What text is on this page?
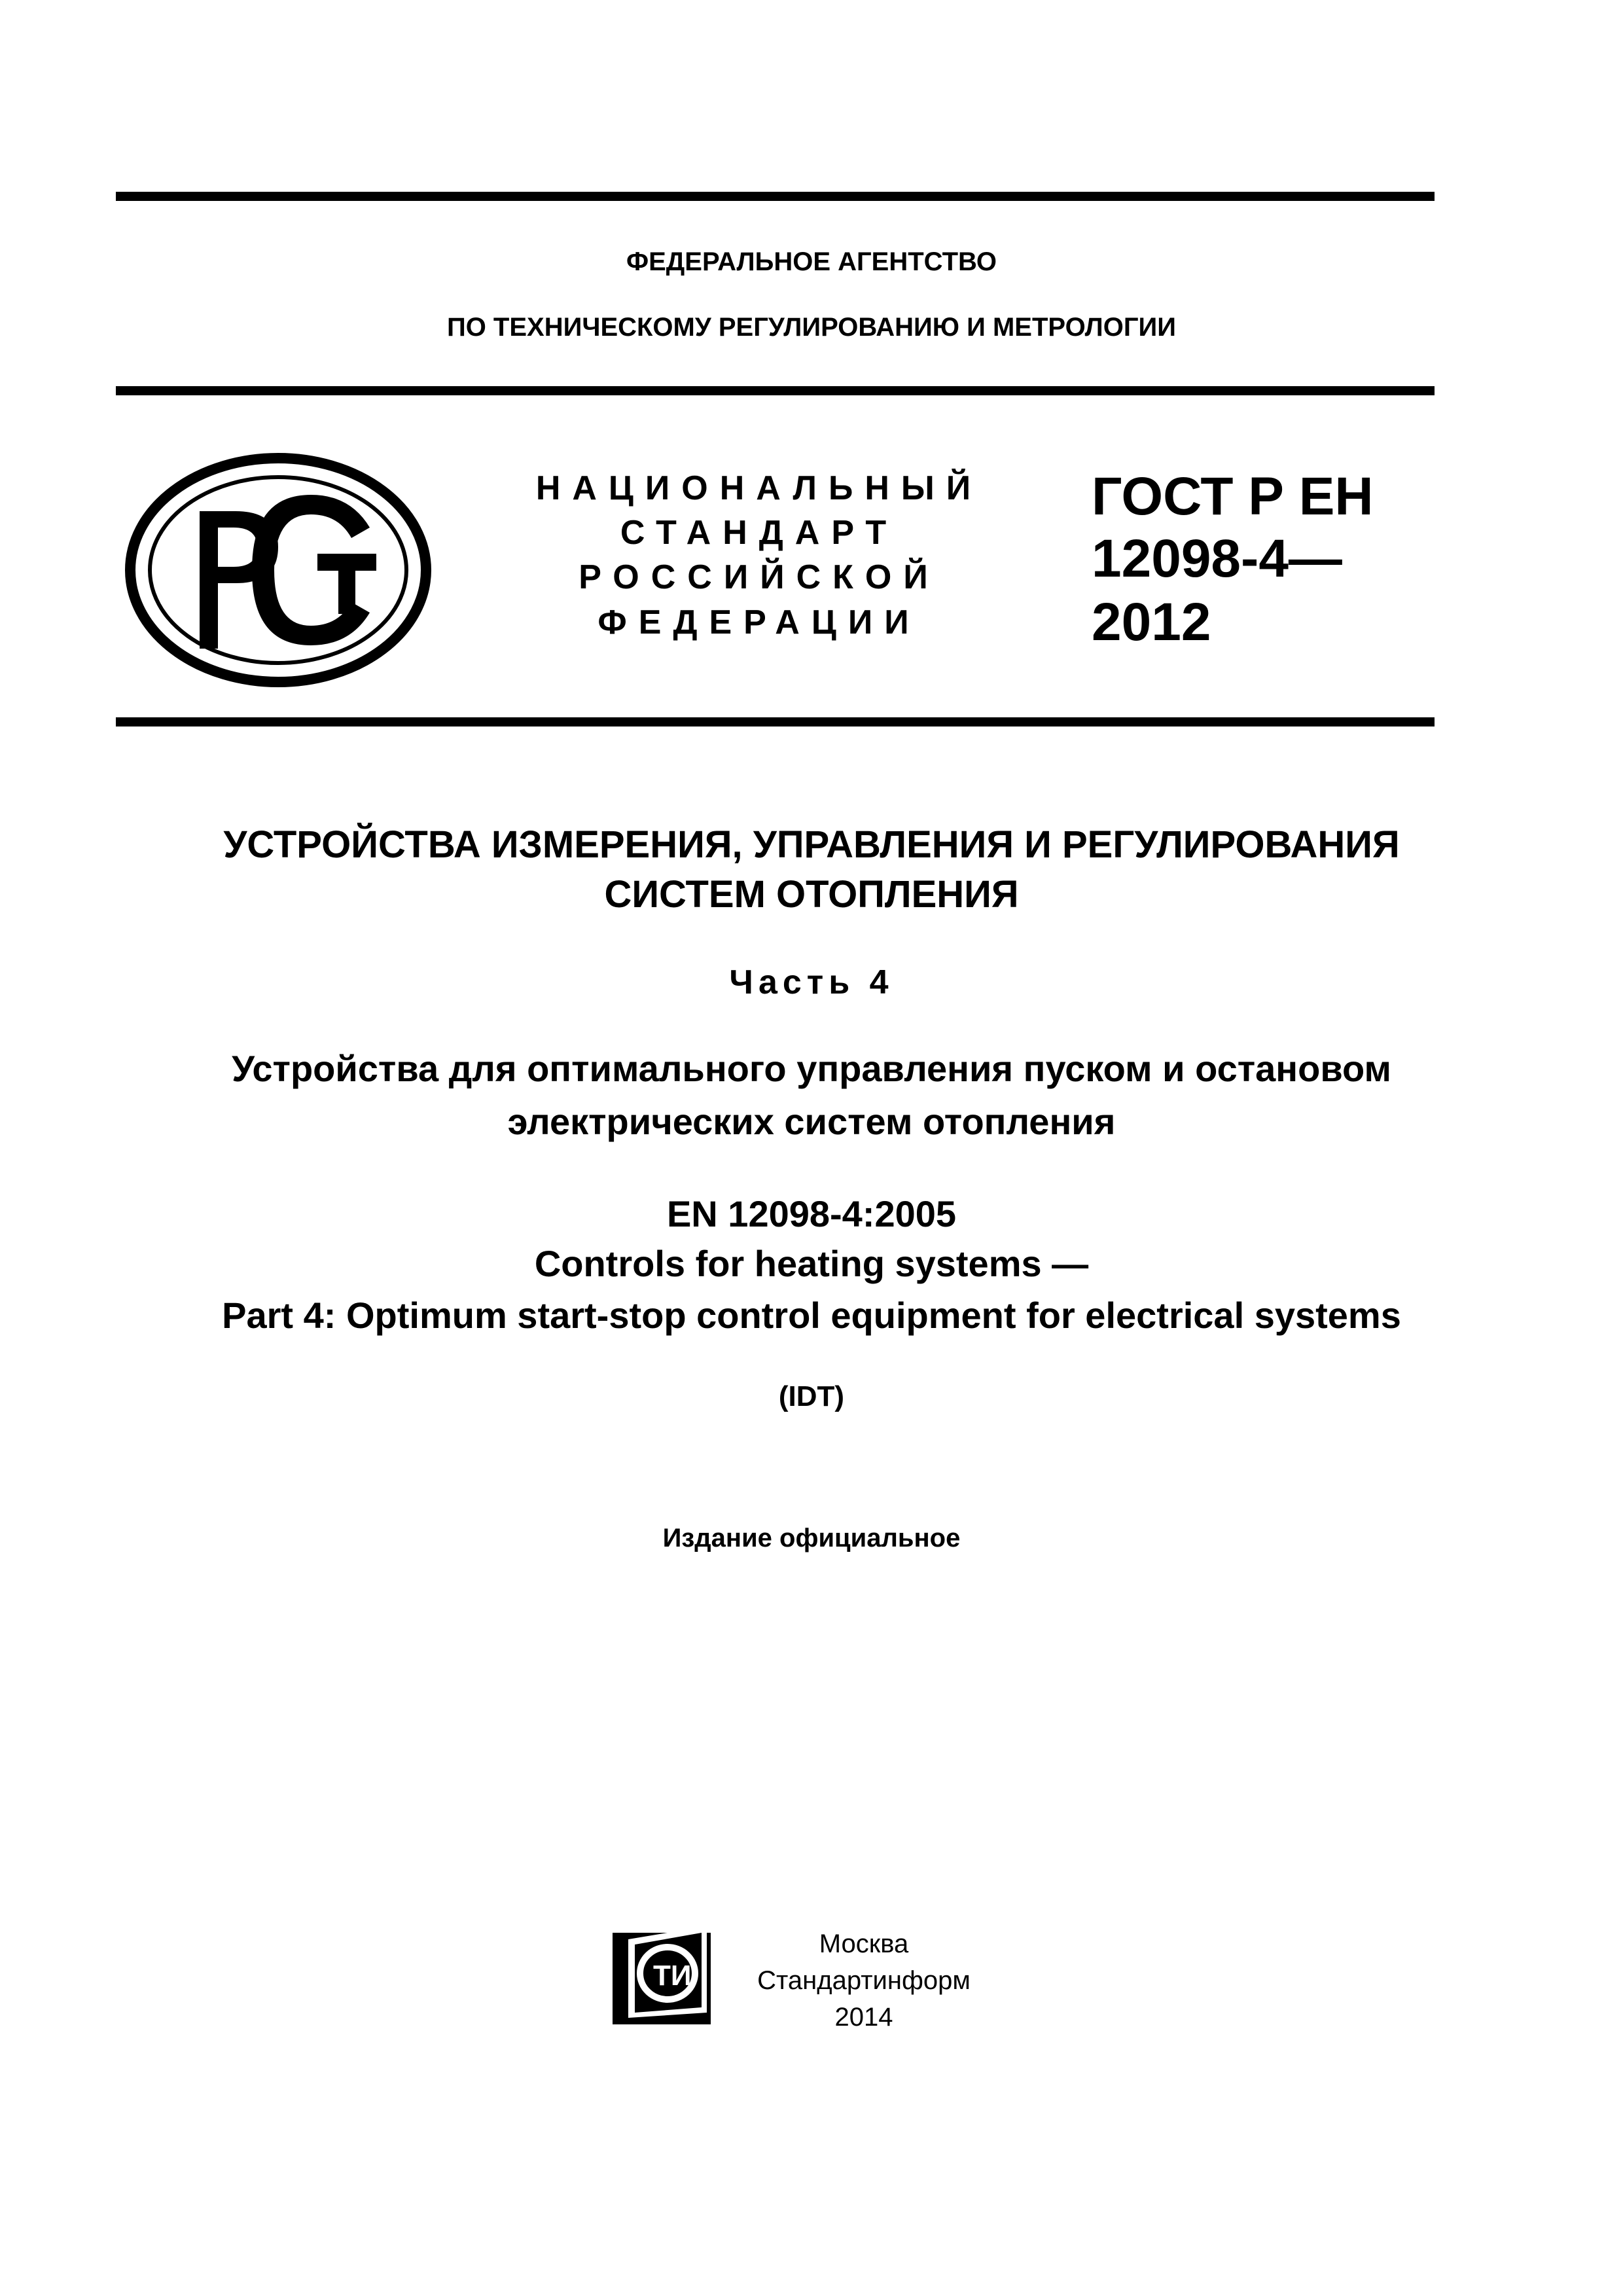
ФЕДЕРАЛЬНОЕ АГЕНТСТВО
ПО ТЕХНИЧЕСКОМУ РЕГУЛИРОВАНИЮ И МЕТРОЛОГИИ
НАЦИОНАЛЬНЫЙ
СТАНДАРТ
РОССИЙСКОЙ
ФЕДЕРАЦИИ
ГОСТ Р ЕН
12098-4—
2012
УСТРОЙСТВА ИЗМЕРЕНИЯ, УПРАВЛЕНИЯ И РЕГУЛИРОВАНИЯ
СИСТЕМ ОТОПЛЕНИЯ
Часть 4
Устройства для оптимального управления пуском и остановом
электрических систем отопления
EN 12098-4:2005
Controls for heating systems —
Part 4: Optimum start-stop control equipment for electrical systems
(IDT)
Издание официальное
ТИ
Москва
Стандартинформ
2014
